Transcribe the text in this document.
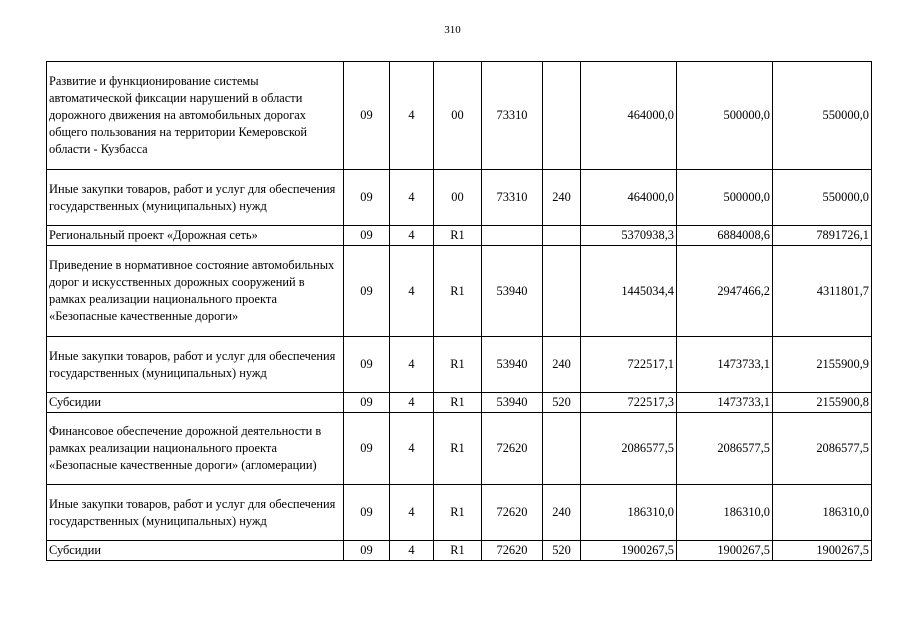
310
Развитие и функционирование системы автоматической фиксации нарушений в области дорожного движения на автомобильных дорогах общего пользования на территории Кемеровской области - Кузбасса	09	4	00	73310		464000,0	500000,0	550000,0
Иные закупки товаров, работ и услуг для обеспечения государственных (муниципальных) нужд	09	4	00	73310	240	464000,0	500000,0	550000,0
Региональный проект «Дорожная сеть»	09	4	R1			5370938,3	6884008,6	7891726,1
Приведение в нормативное состояние автомобильных дорог и искусственных дорожных сооружений в рамках реализации национального проекта «Безопасные качественные дороги»	09	4	R1	53940		1445034,4	2947466,2	4311801,7
Иные закупки товаров, работ и услуг для обеспечения государственных (муниципальных) нужд	09	4	R1	53940	240	722517,1	1473733,1	2155900,9
Субсидии	09	4	R1	53940	520	722517,3	1473733,1	2155900,8
Финансовое обеспечение дорожной деятельности в рамках реализации национального проекта «Безопасные качественные дороги» (агломерации)	09	4	R1	72620		2086577,5	2086577,5	2086577,5
Иные закупки товаров, работ и услуг для обеспечения государственных (муниципальных) нужд	09	4	R1	72620	240	186310,0	186310,0	186310,0
Субсидии	09	4	R1	72620	520	1900267,5	1900267,5	1900267,5
